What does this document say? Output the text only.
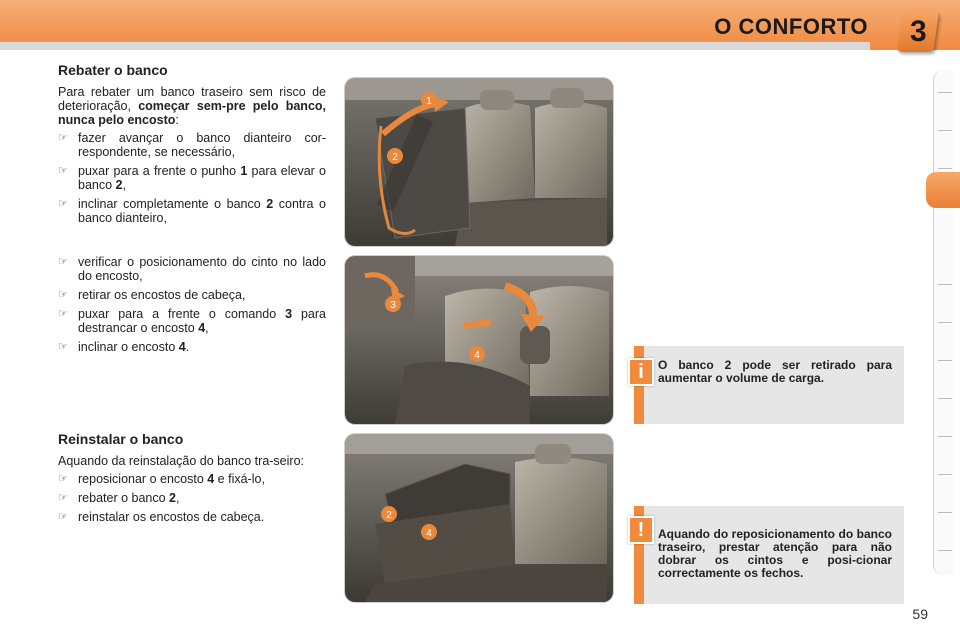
O CONFORTO 3
Rebater o banco

Para rebater um banco traseiro sem risco de deterioração, começar sem-pre pelo banco, nunca pelo encosto:

☞ fazer avançar o banco dianteiro cor-respondente, se necessário,
☞ puxar para a frente o punho 1 para elevar o banco 2,
☞ inclinar completamente o banco 2 contra o banco dianteiro,
☞ verificar o posicionamento do cinto no lado do encosto,
☞ retirar os encostos de cabeça,
☞ puxar para a frente o comando 3 para destrancar o encosto 4,
☞ inclinar o encosto 4.
Reinstalar o banco

Aquando da reinstalação do banco tra-seiro:

☞ reposicionar o encosto 4 e fixá-lo,
☞ rebater o banco 2,
☞ reinstalar os encostos de cabeça.
1
2
3
4
2
4
i	O banco 2 pode ser retirado para aumentar o volume de carga.
!	Aquando do reposicionamento do banco traseiro, prestar atenção para não dobrar os cintos e posi-cionar correctamente os fechos.
59
